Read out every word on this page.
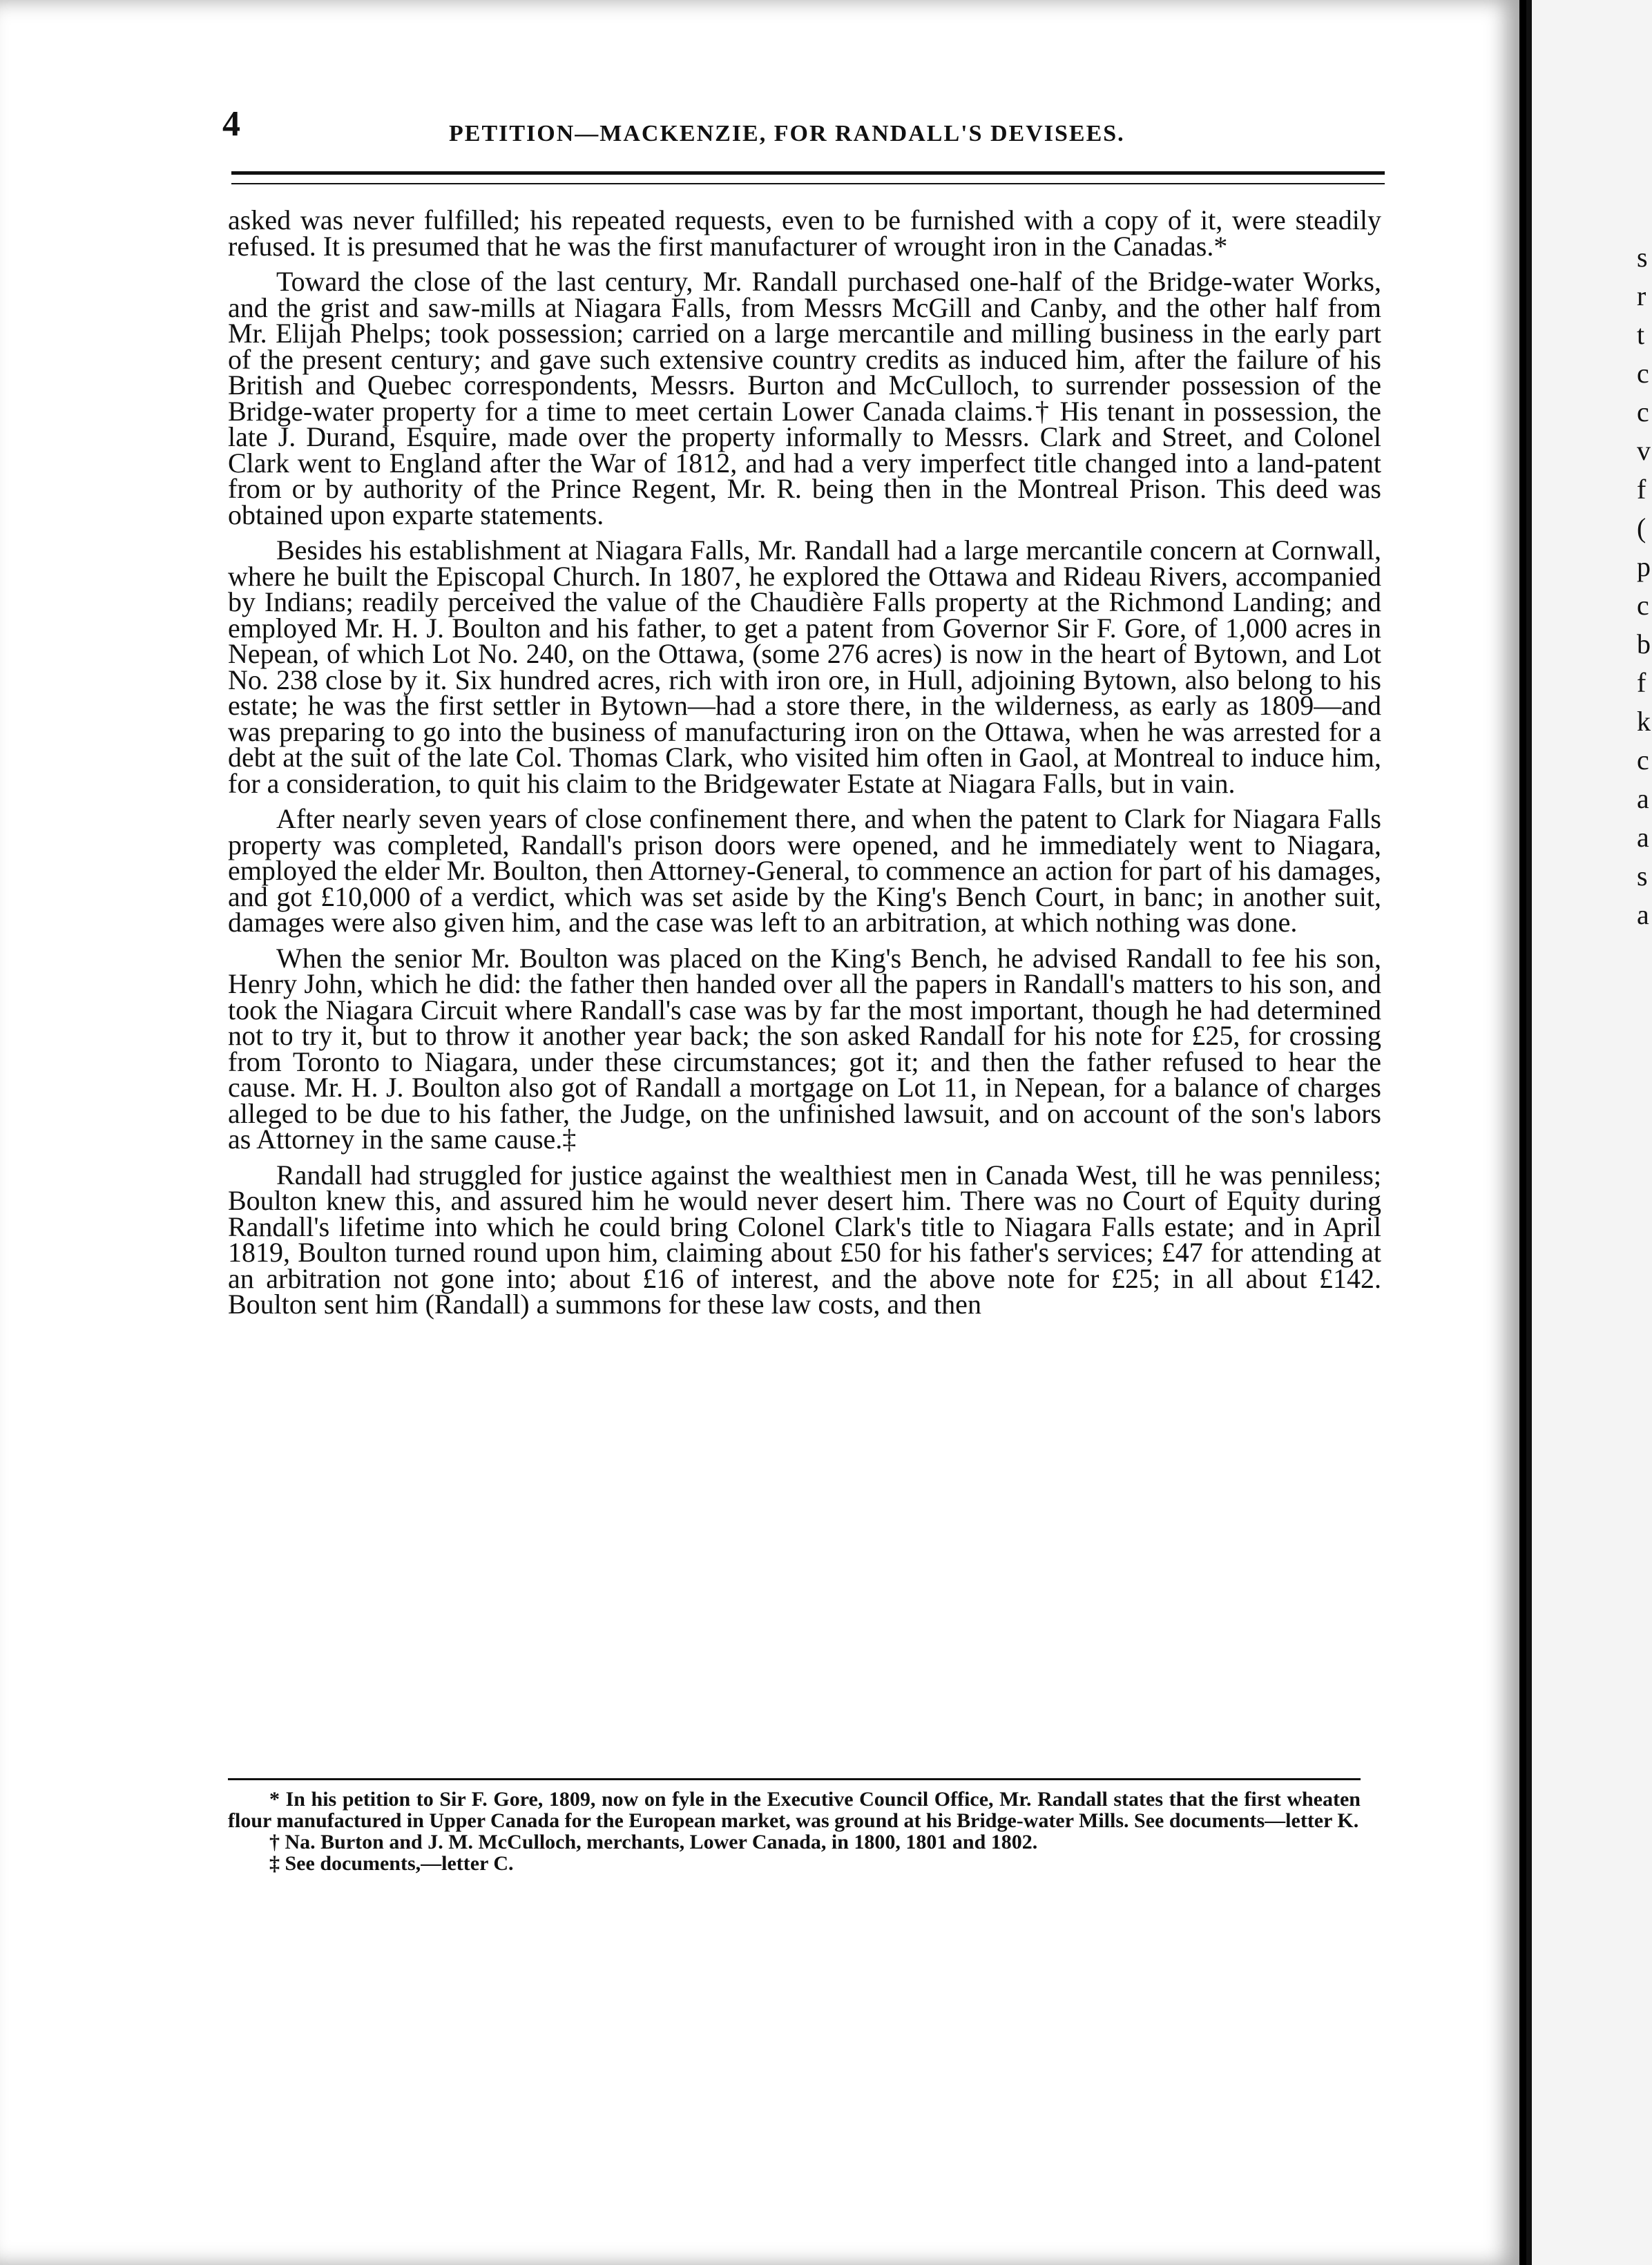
4	PETITION—MACKENZIE, FOR RANDALL'S DEVISEES.

asked was never fulfilled; his repeated requests, even to be furnished with a copy of it, were steadily refused. It is presumed that he was the first manufacturer of wrought iron in the Canadas.*

Toward the close of the last century, Mr. Randall purchased one-half of the Bridge-water Works, and the grist and saw-mills at Niagara Falls, from Messrs McGill and Canby, and the other half from Mr. Elijah Phelps; took possession; carried on a large mercantile and milling business in the early part of the present century; and gave such extensive country credits as induced him, after the failure of his British and Quebec correspondents, Messrs. Burton and McCulloch, to surrender possession of the Bridge-water property for a time to meet certain Lower Canada claims.† His tenant in possession, the late J. Durand, Esquire, made over the property informally to Messrs. Clark and Street, and Colonel Clark went to England after the War of 1812, and had a very imperfect title changed into a land-patent from or by authority of the Prince Regent, Mr. R. being then in the Montreal Prison. This deed was obtained upon exparte statements.

Besides his establishment at Niagara Falls, Mr. Randall had a large mercantile concern at Cornwall, where he built the Episcopal Church. In 1807, he explored the Ottawa and Rideau Rivers, accompanied by Indians; readily perceived the value of the Chaudière Falls property at the Richmond Landing; and employed Mr. H. J. Boulton and his father, to get a patent from Governor Sir F. Gore, of 1,000 acres in Nepean, of which Lot No. 240, on the Ottawa, (some 276 acres) is now in the heart of Bytown, and Lot No. 238 close by it. Six hundred acres, rich with iron ore, in Hull, adjoining Bytown, also belong to his estate; he was the first settler in Bytown—had a store there, in the wilderness, as early as 1809—and was preparing to go into the business of manufacturing iron on the Ottawa, when he was arrested for a debt at the suit of the late Col. Thomas Clark, who visited him often in Gaol, at Montreal to induce him, for a consideration, to quit his claim to the Bridgewater Estate at Niagara Falls, but in vain.

After nearly seven years of close confinement there, and when the patent to Clark for Niagara Falls property was completed, Randall's prison doors were opened, and he immediately went to Niagara, employed the elder Mr. Boulton, then Attorney-General, to commence an action for part of his damages, and got £10,000 of a verdict, which was set aside by the King's Bench Court, in banc; in another suit, damages were also given him, and the case was left to an arbitration, at which nothing was done.

When the senior Mr. Boulton was placed on the King's Bench, he advised Randall to fee his son, Henry John, which he did: the father then handed over all the papers in Randall's matters to his son, and took the Niagara Circuit where Randall's case was by far the most important, though he had determined not to try it, but to throw it another year back; the son asked Randall for his note for £25, for crossing from Toronto to Niagara, under these circumstances; got it; and then the father refused to hear the cause. Mr. H. J. Boulton also got of Randall a mortgage on Lot 11, in Nepean, for a balance of charges alleged to be due to his father, the Judge, on the unfinished lawsuit, and on account of the son's labors as Attorney in the same cause.‡

Randall had struggled for justice against the wealthiest men in Canada West, till he was penniless; Boulton knew this, and assured him he would never desert him. There was no Court of Equity during Randall's lifetime into which he could bring Colonel Clark's title to Niagara Falls estate; and in April 1819, Boulton turned round upon him, claiming about £50 for his father's services; £47 for attending at an arbitration not gone into; about £16 of interest, and the above note for £25; in all about £142. Boulton sent him (Randall) a summons for these law costs, and then

* In his petition to Sir F. Gore, 1809, now on fyle in the Executive Council Office, Mr. Randall states that the first wheaten flour manufactured in Upper Canada for the European market, was ground at his Bridge-water Mills. See documents—letter K.

† Na. Burton and J. M. McCulloch, merchants, Lower Canada, in 1800, 1801 and 1802.

‡ See documents,—letter C.

s
r
t
c
c
v
f
(
p
c
b
f
k
c
a
a
s
a
